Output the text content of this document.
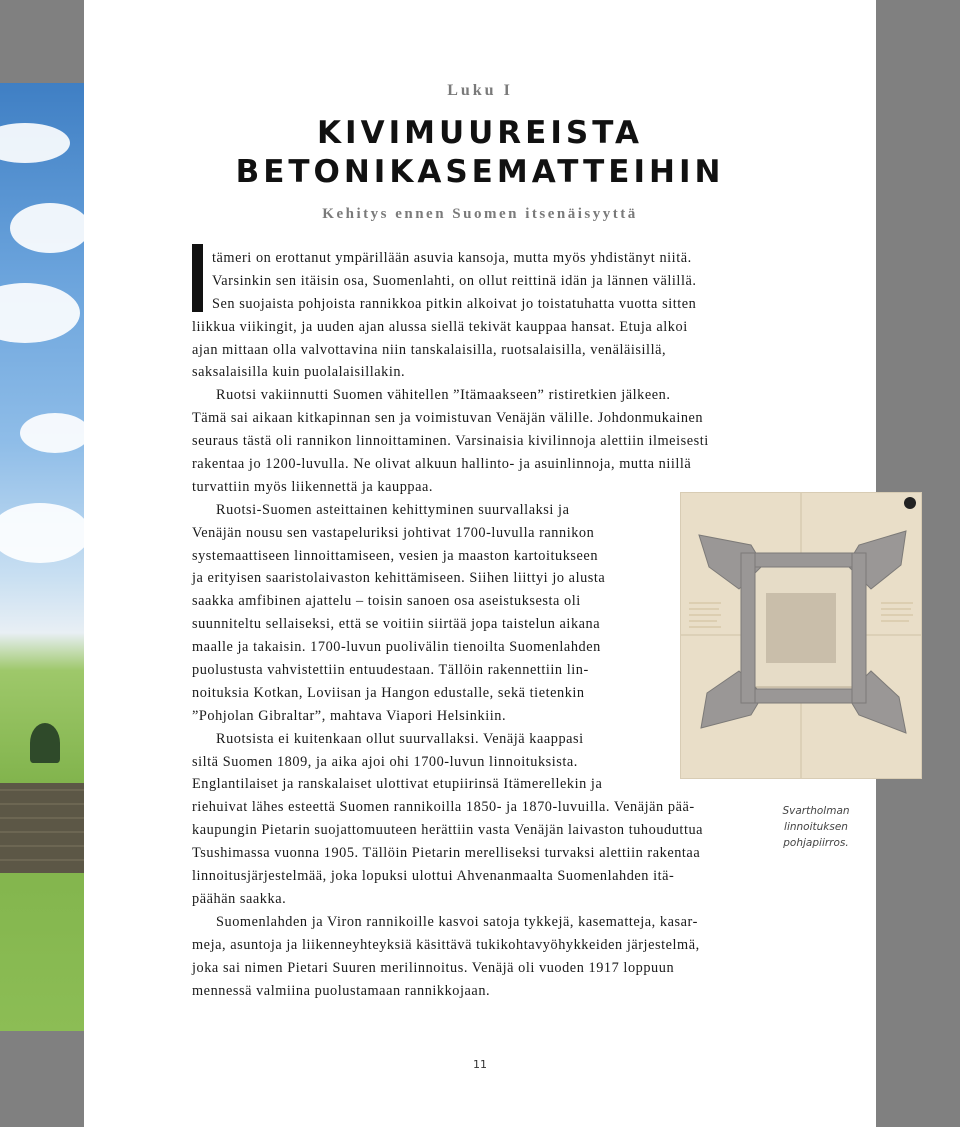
Luku I
KIVIMUUREISTA
BETONIKASEMATTEIHIN
Kehitys ennen Suomen itsenäisyyttä
tämeri on erottanut ympärillään asuvia kansoja, mutta myös yhdistänyt niitä.
Varsinkin sen itäisin osa, Suomenlahti, on ollut reittinä idän ja lännen välillä.
Sen suojaista pohjoista rannikkoa pitkin alkoivat jo toistatuhatta vuotta sitten
liikkua viikingit, ja uuden ajan alussa siellä tekivät kauppaa hansat. Etuja alkoi
ajan mittaan olla valvottavina niin tanskalaisilla, ruotsalaisilla, venäläisillä,
saksalaisilla kuin puolalaisillakin.
Ruotsi vakiinnutti Suomen vähitellen ”Itämaakseen” ristiretkien jälkeen.
Tämä sai aikaan kitkapinnan sen ja voimistuvan Venäjän välille. Johdonmukainen
seuraus tästä oli rannikon linnoittaminen. Varsinaisia kivilinnoja alettiin ilmeisesti
rakentaa jo 1200-luvulla. Ne olivat alkuun hallinto- ja asuinlinnoja, mutta niillä
turvattiin myös liikennettä ja kauppaa.
Ruotsi-Suomen asteittainen kehittyminen suurvallaksi ja
Venäjän nousu sen vastapeluriksi johtivat 1700-luvulla rannikon
systemaattiseen linnoittamiseen, vesien ja maaston kartoitukseen
ja erityisen saaristolaivaston kehittämiseen. Siihen liittyi jo alusta
saakka amfibinen ajattelu – toisin sanoen osa aseistuksesta oli
suunniteltu sellaiseksi, että se voitiin siirtää jopa taistelun aikana
maalle ja takaisin. 1700-luvun puolivälin tienoilta Suomenlahden
puolustusta vahvistettiin entuudestaan. Tällöin rakennettiin lin-
noituksia Kotkan, Loviisan ja Hangon edustalle, sekä tietenkin
”Pohjolan Gibraltar”, mahtava Viapori Helsinkiin.
Ruotsista ei kuitenkaan ollut suurvallaksi. Venäjä kaappasi
siltä Suomen 1809, ja aika ajoi ohi 1700-luvun linnoituksista.
Englantilaiset ja ranskalaiset ulottivat etupiirinsä Itämerellekin ja
riehuivat lähes esteettä Suomen rannikoilla 1850- ja 1870-luvuilla. Venäjän pää-
kaupungin Pietarin suojattomuuteen herättiin vasta Venäjän laivaston tuhouduttua
Tsushimassa vuonna 1905. Tällöin Pietarin merelliseksi turvaksi alettiin rakentaa
linnoitusjärjestelmää, joka lopuksi ulottui Ahvenanmaalta Suomenlahden itä-
päähän saakka.
Suomenlahden ja Viron rannikoille kasvoi satoja tykkejä, kasematteja, kasar-
meja, asuntoja ja liikenneyhteyksiä käsittävä tukikohtavyöhykkeiden järjestelmä,
joka sai nimen Pietari Suuren merilinnoitus. Venäjä oli vuoden 1917 loppuun
mennessä valmiina puolustamaan rannikkojaan.
Svartholman
linnoituksen
pohjapiirros.
11
